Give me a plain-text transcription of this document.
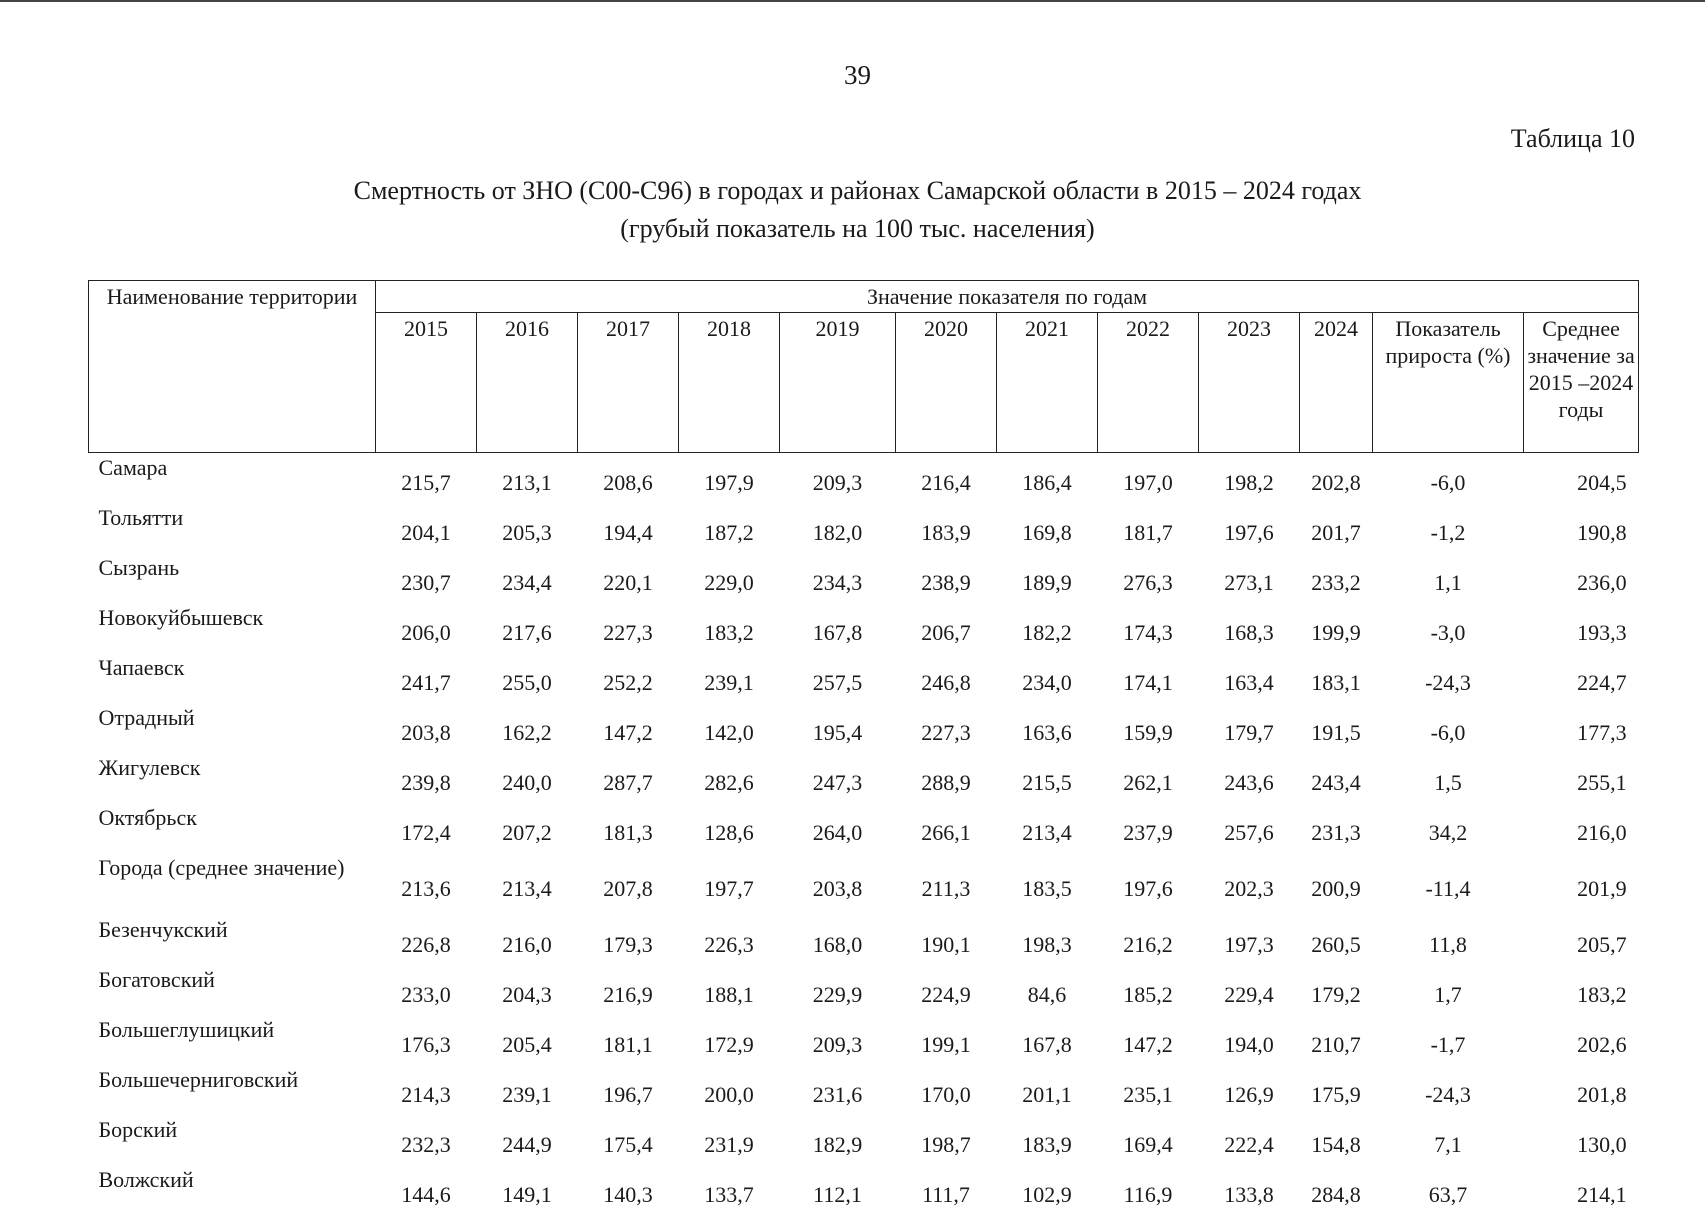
39
Таблица 10
Смертность от ЗНО (С00-С96) в городах и районах Самарской области в 2015 – 2024 годах
(грубый показатель на 100 тыс. населения)
Наименование территории	Значение показателя по годам											
	2015	2016	2017	2018	2019	2020	2021	2022	2023	2024	Показатель прироста (%)	Среднее значение за 2015 –2024 годы
Самара	215,7	213,1	208,6	197,9	209,3	216,4	186,4	197,0	198,2	202,8	-6,0	204,5
Тольятти	204,1	205,3	194,4	187,2	182,0	183,9	169,8	181,7	197,6	201,7	-1,2	190,8
Сызрань	230,7	234,4	220,1	229,0	234,3	238,9	189,9	276,3	273,1	233,2	1,1	236,0
Новокуйбышевск	206,0	217,6	227,3	183,2	167,8	206,7	182,2	174,3	168,3	199,9	-3,0	193,3
Чапаевск	241,7	255,0	252,2	239,1	257,5	246,8	234,0	174,1	163,4	183,1	-24,3	224,7
Отрадный	203,8	162,2	147,2	142,0	195,4	227,3	163,6	159,9	179,7	191,5	-6,0	177,3
Жигулевск	239,8	240,0	287,7	282,6	247,3	288,9	215,5	262,1	243,6	243,4	1,5	255,1
Октябрьск	172,4	207,2	181,3	128,6	264,0	266,1	213,4	237,9	257,6	231,3	34,2	216,0
Города (среднее значение)	213,6	213,4	207,8	197,7	203,8	211,3	183,5	197,6	202,3	200,9	-11,4	201,9
Безенчукский	226,8	216,0	179,3	226,3	168,0	190,1	198,3	216,2	197,3	260,5	11,8	205,7
Богатовский	233,0	204,3	216,9	188,1	229,9	224,9	84,6	185,2	229,4	179,2	1,7	183,2
Большеглушицкий	176,3	205,4	181,1	172,9	209,3	199,1	167,8	147,2	194,0	210,7	-1,7	202,6
Большечерниговский	214,3	239,1	196,7	200,0	231,6	170,0	201,1	235,1	126,9	175,9	-24,3	201,8
Борский	232,3	244,9	175,4	231,9	182,9	198,7	183,9	169,4	222,4	154,8	7,1	130,0
Волжский	144,6	149,1	140,3	133,7	112,1	111,7	102,9	116,9	133,8	284,8	63,7	214,1
